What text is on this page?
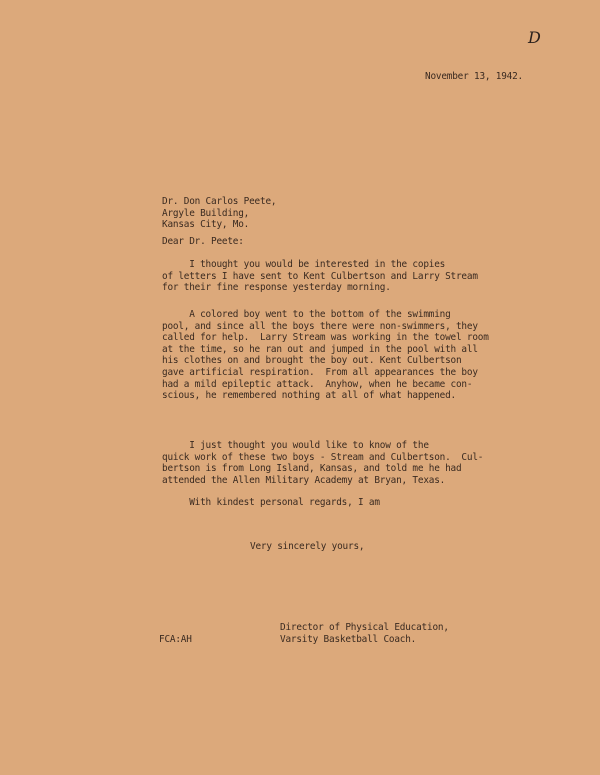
D
November 13, 1942.
Dr. Don Carlos Peete,
Argyle Building,
Kansas City, Mo.
Dear Dr. Peete:
I thought you would be interested in the copies
of letters I have sent to Kent Culbertson and Larry Stream
for their fine response yesterday morning.
A colored boy went to the bottom of the swimming
pool, and since all the boys there were non-swimmers, they
called for help.  Larry Stream was working in the towel room
at the time, so he ran out and jumped in the pool with all
his clothes on and brought the boy out. Kent Culbertson
gave artificial respiration.  From all appearances the boy
had a mild epileptic attack.  Anyhow, when he became con-
scious, he remembered nothing at all of what happened.
I just thought you would like to know of the
quick work of these two boys - Stream and Culbertson.  Cul-
bertson is from Long Island, Kansas, and told me he had
attended the Allen Military Academy at Bryan, Texas.
With kindest personal regards, I am
Very sincerely yours,
Director of Physical Education,
Varsity Basketball Coach.
FCA:AH
